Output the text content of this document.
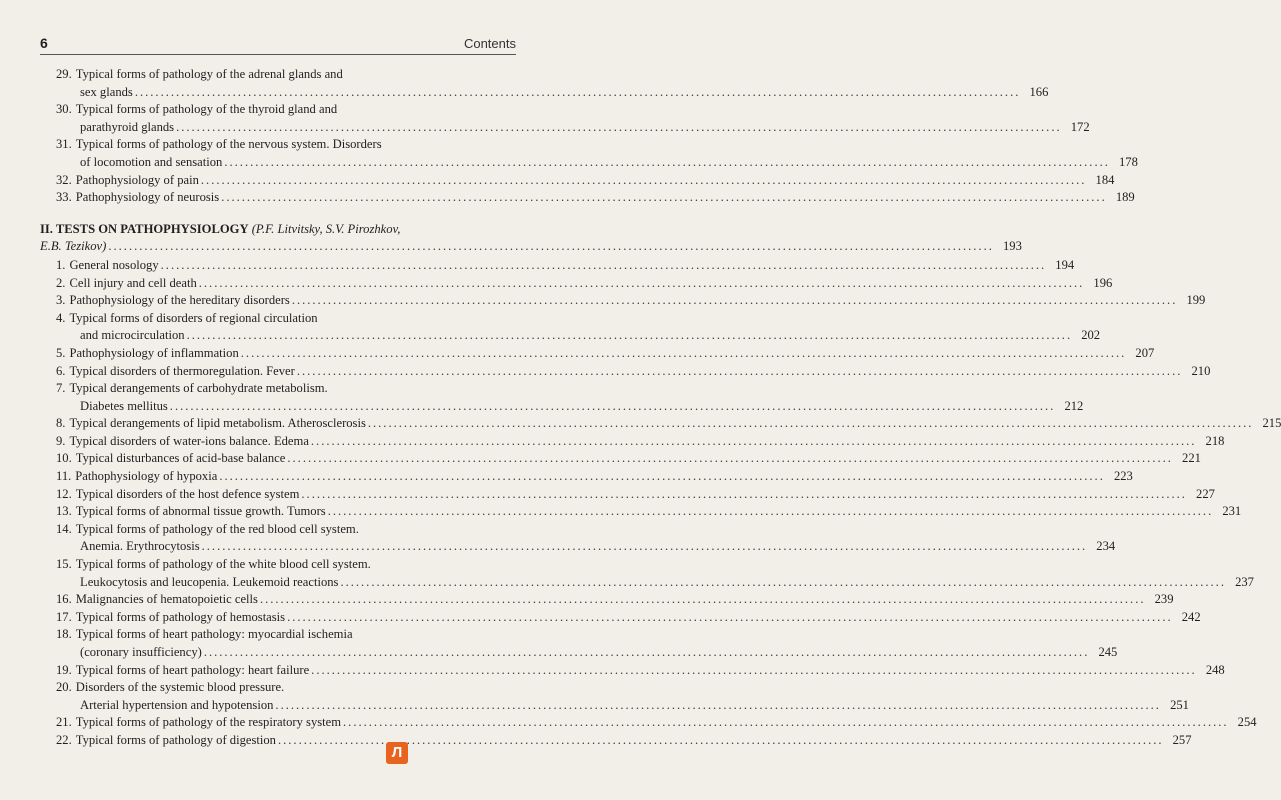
6	Contents
29. Typical forms of pathology of the adrenal glands and
sex glands .....	166
30. Typical forms of pathology of the thyroid gland and
parathyroid glands .....	172
31. Typical forms of pathology of the nervous system. Disorders
of locomotion and sensation .....	178
32. Pathophysiology of pain .....	184
33. Pathophysiology of neurosis .....	189
II. TESTS ON PATHOPHYSIOLOGY (P.F. Litvitsky, S.V. Pirozhkov,
E.B. Tezikov) .....	193
1. General nosology .....	194
2. Cell injury and cell death .....	196
3. Pathophysiology of the hereditary disorders .....	199
4. Typical forms of disorders of regional circulation
and microcirculation .....	202
5. Pathophysiology of inflammation .....	207
6. Typical disorders of thermoregulation. Fever .....	210
7. Typical derangements of carbohydrate metabolism.
Diabetes mellitus .....	212
8. Typical derangements of lipid metabolism. Atherosclerosis .....	215
9. Typical disorders of water-ions balance. Edema .....	218
10. Typical disturbances of acid-base balance .....	221
11. Pathophysiology of hypoxia .....	223
12. Typical disorders of the host defence system .....	227
13. Typical forms of abnormal tissue growth. Tumors .....	231
14. Typical forms of pathology of the red blood cell system.
Anemia. Erythrocytosis .....	234
15. Typical forms of pathology of the white blood cell system.
Leukocytosis and leucopenia. Leukemoid reactions .....	237
16. Malignancies of hematopoietic cells .....	239
17. Typical forms of pathology of hemostasis .....	242
18. Typical forms of heart pathology: myocardial ischemia
(coronary insufficiency) .....	245
19. Typical forms of heart pathology: heart failure .....	248
20. Disorders of the systemic blood pressure.
Arterial hypertension and hypotension .....	251
21. Typical forms of pathology of the respiratory system .....	254
22. Typical forms of pathology of digestion .....	257
Л
